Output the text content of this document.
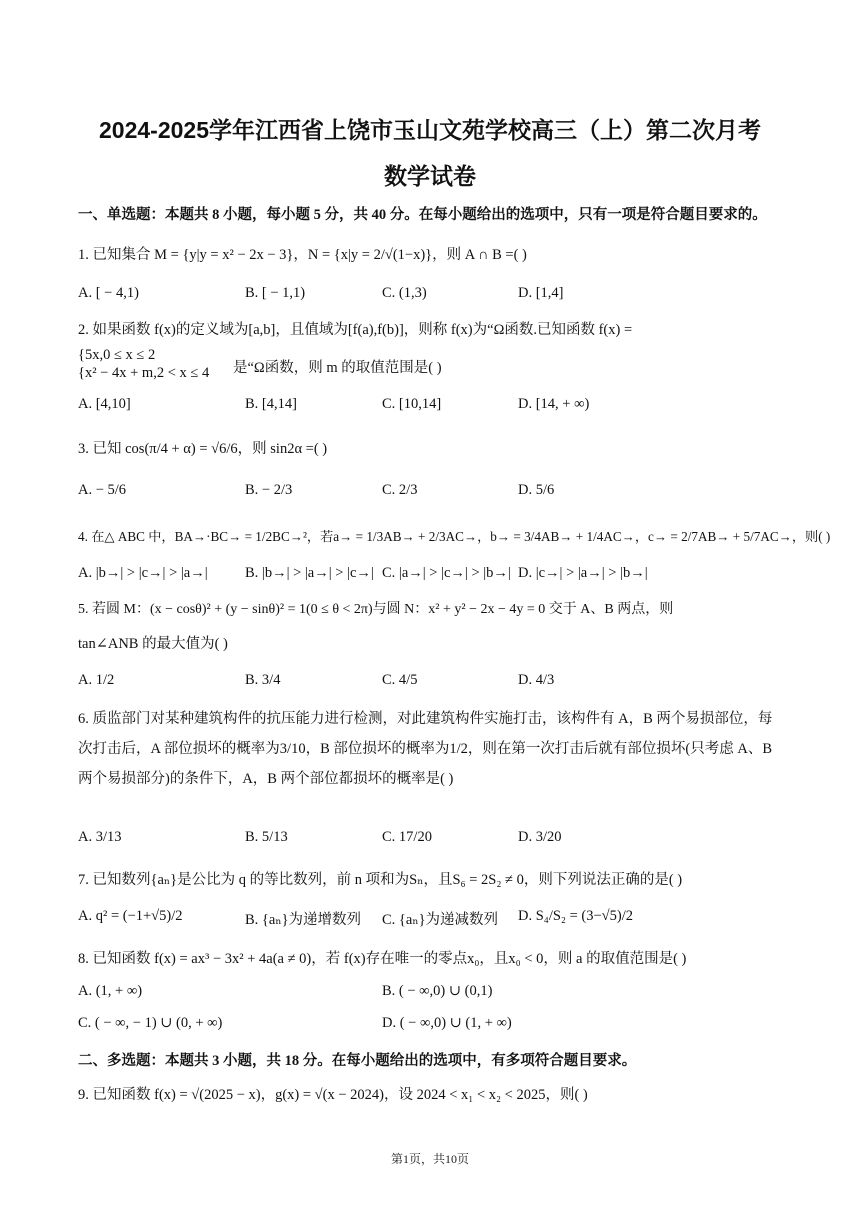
2024-2025学年江西省上饶市玉山文苑学校高三（上）第二次月考
数学试卷
一、单选题：本题共 8 小题，每小题 5 分，共 40 分。在每小题给出的选项中，只有一项是符合题目要求的。
1. 已知集合 M = {y|y = x² − 2x − 3}，N = {x|y = 2/√(1−x)}，则 A ∩ B =( )
A. [ − 4,1)	B. [ − 1,1)	C. (1,3)	D. [1,4]
2. 如果函数 f(x)的定义域为[a,b]，且值域为[f(a),f(b)]，则称 f(x)为“Ω函数.已知函数 f(x) =
{5x,0 ≤ x ≤ 2
{x² − 4x + m,2 < x ≤ 4 是“Ω函数，则 m 的取值范围是( )
A. [4,10]	B. [4,14]	C. [10,14]	D. [14, + ∞)
3. 已知 cos(π/4 + α) = √6/6，则 sin2α =( )
A. − 5/6	B. − 2/3	C. 2/3	D. 5/6
4. 在△ ABC 中，BA→·BC→ = 1/2BC→²，若a→ = 1/3AB→ + 2/3AC→，b→ = 3/4AB→ + 1/4AC→，c→ = 2/7AB→ + 5/7AC→，则( )
A. |b→| > |c→| > |a→|	B. |b→| > |a→| > |c→| C. |a→| > |c→| > |b→| D. |c→| > |a→| > |b→|
5. 若圆 M：(x − cosθ)² + (y − sinθ)² = 1(0 ≤ θ < 2π)与圆 N：x² + y² − 2x − 4y = 0 交于 A、B 两点，则
tan∠ANB 的最大值为( )
A. 1/2	B. 3/4	C. 4/5	D. 4/3
6. 质监部门对某种建筑构件的抗压能力进行检测，对此建筑构件实施打击，该构件有 A，B 两个易损部位，每次打击后，A 部位损坏的概率为3/10，B 部位损坏的概率为1/2，则在第一次打击后就有部位损坏(只考虑 A、B 两个易损部分)的条件下，A，B 两个部位都损坏的概率是( )
A. 3/13	B. 5/13	C. 17/20	D. 3/20
7. 已知数列{aₙ}是公比为 q 的等比数列，前 n 项和为Sₙ，且S₆ = 2S₂ ≠ 0，则下列说法正确的是( )
A. q² = (−1+√5)/2	B. {aₙ}为递增数列 C. {aₙ}为递减数列 D. S₄/S₂ = (3−√5)/2
8. 已知函数 f(x) = ax³ − 3x² + 4a(a ≠ 0)，若 f(x)存在唯一的零点x₀，且x₀ < 0，则 a 的取值范围是( )
A. (1, + ∞)	B. ( − ∞,0) ∪ (0,1)
C. ( − ∞, − 1) ∪ (0, + ∞)	D. ( − ∞,0) ∪ (1, + ∞)
二、多选题：本题共 3 小题，共 18 分。在每小题给出的选项中，有多项符合题目要求。
9. 已知函数 f(x) = √(2025 − x)，g(x) = √(x − 2024)，设 2024 < x₁ < x₂ < 2025，则( )
第1页，共10页
